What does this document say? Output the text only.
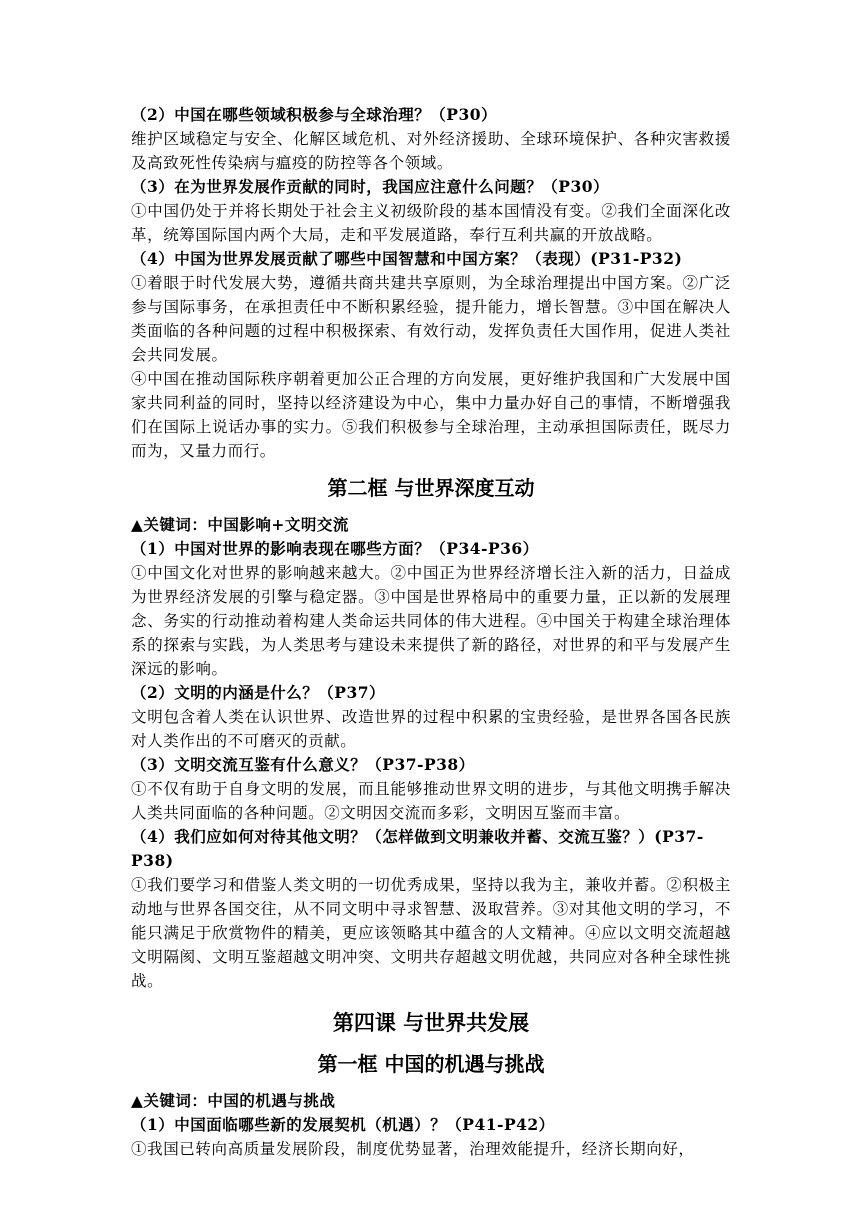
（2）中国在哪些领域积极参与全球治理？（P30）
维护区域稳定与安全、化解区域危机、对外经济援助、全球环境保护、各种灾害救援及高致死性传染病与瘟疫的防控等各个领域。
（3）在为世界发展作贡献的同时，我国应注意什么问题？（P30）
①中国仍处于并将长期处于社会主义初级阶段的基本国情没有变。②我们全面深化改革，统筹国际国内两个大局，走和平发展道路，奉行互利共赢的开放战略。
（4）中国为世界发展贡献了哪些中国智慧和中国方案？（表现）(P31-P32)
①着眼于时代发展大势，遵循共商共建共享原则，为全球治理提出中国方案。②广泛参与国际事务，在承担责任中不断积累经验，提升能力，增长智慧。③中国在解决人类面临的各种问题的过程中积极探索、有效行动，发挥负责任大国作用，促进人类社会共同发展。
④中国在推动国际秩序朝着更加公正合理的方向发展，更好维护我国和广大发展中国家共同利益的同时，坚持以经济建设为中心，集中力量办好自己的事情，不断增强我们在国际上说话办事的实力。⑤我们积极参与全球治理，主动承担国际责任，既尽力而为，又量力而行。
第二框 与世界深度互动
▲关键词：中国影响+文明交流
（1）中国对世界的影响表现在哪些方面？（P34-P36）
①中国文化对世界的影响越来越大。②中国正为世界经济增长注入新的活力，日益成为世界经济发展的引擎与稳定器。③中国是世界格局中的重要力量，正以新的发展理念、务实的行动推动着构建人类命运共同体的伟大进程。④中国关于构建全球治理体系的探索与实践，为人类思考与建设未来提供了新的路径，对世界的和平与发展产生深远的影响。
（2）文明的内涵是什么？（P37）
文明包含着人类在认识世界、改造世界的过程中积累的宝贵经验，是世界各国各民族对人类作出的不可磨灭的贡献。
（3）文明交流互鉴有什么意义？（P37-P38）
①不仅有助于自身文明的发展，而且能够推动世界文明的进步，与其他文明携手解决人类共同面临的各种问题。②文明因交流而多彩，文明因互鉴而丰富。
（4）我们应如何对待其他文明？（怎样做到文明兼收并蓄、交流互鉴？）(P37-P38)
①我们要学习和借鉴人类文明的一切优秀成果，坚持以我为主，兼收并蓄。②积极主动地与世界各国交往，从不同文明中寻求智慧、汲取营养。③对其他文明的学习，不能只满足于欣赏物件的精美，更应该领略其中蕴含的人文精神。④应以文明交流超越文明隔阂、文明互鉴超越文明冲突、文明共存超越文明优越，共同应对各种全球性挑战。
第四课 与世界共发展
第一框 中国的机遇与挑战
▲关键词：中国的机遇与挑战
（1）中国面临哪些新的发展契机（机遇）？（P41-P42）
①我国已转向高质量发展阶段，制度优势显著，治理效能提升，经济长期向好，
